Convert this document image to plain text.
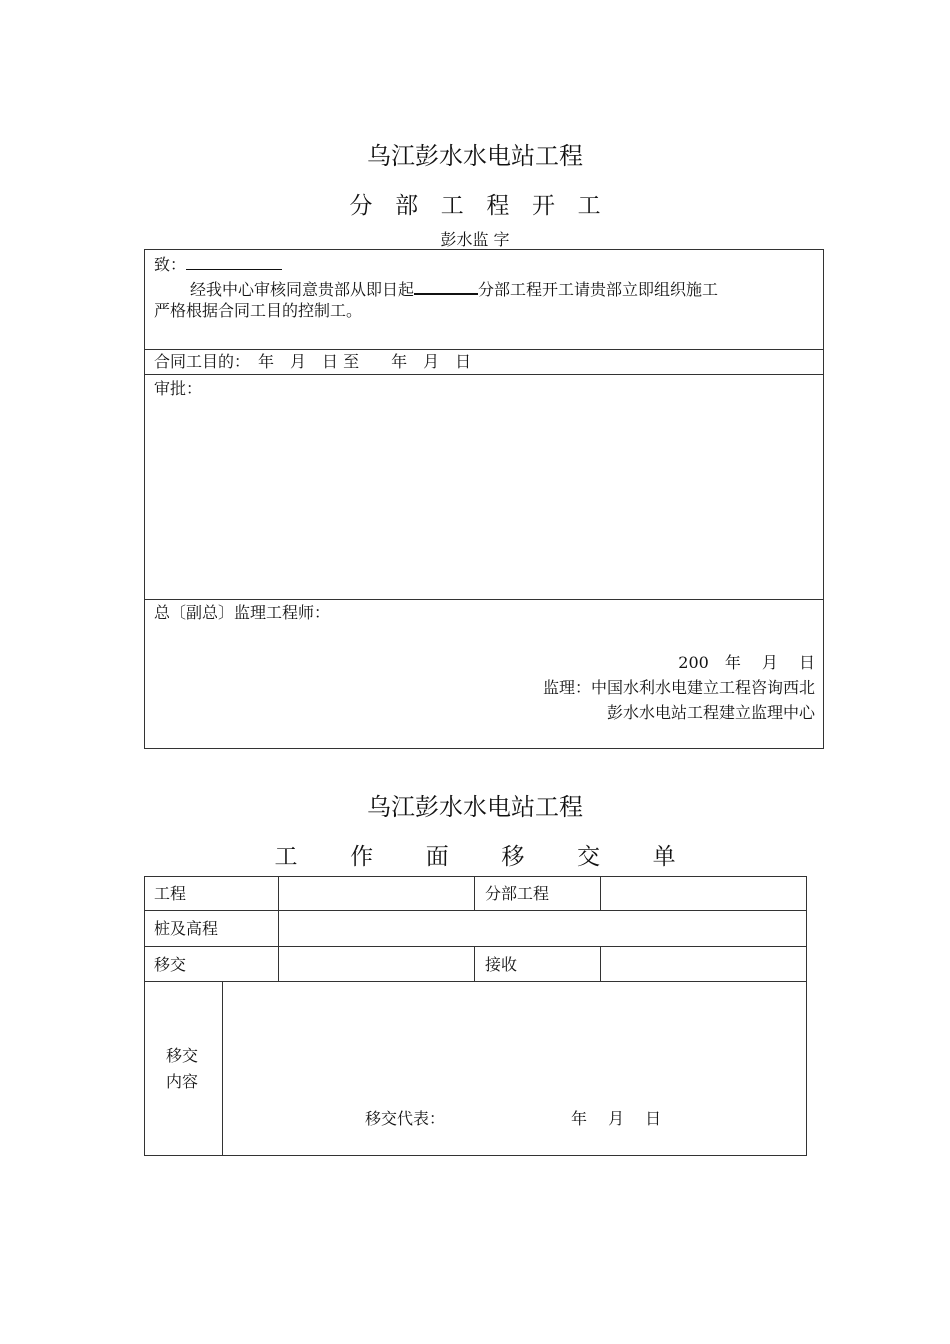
乌江彭水水电站工程
分 部 工 程 开 工
彭水监 字
致：
经我中心审核同意贵部从即日起	分部工程开工请贵部立即组织施工
严格根据合同工目的控制工。
合同工目的：　 年　月　日 至　　年　月　日
审批：
总〔副总〕监理工程师：
200　年　 月　 日
监理：中国水利水电建立工程咨询西北
彭水水电站工程建立监理中心
乌江彭水水电站工程
工 作 面 移 交 单
工程	分部工程
桩及高程
移交	接收
移交
内容
移交代表：	年　 月　 日
